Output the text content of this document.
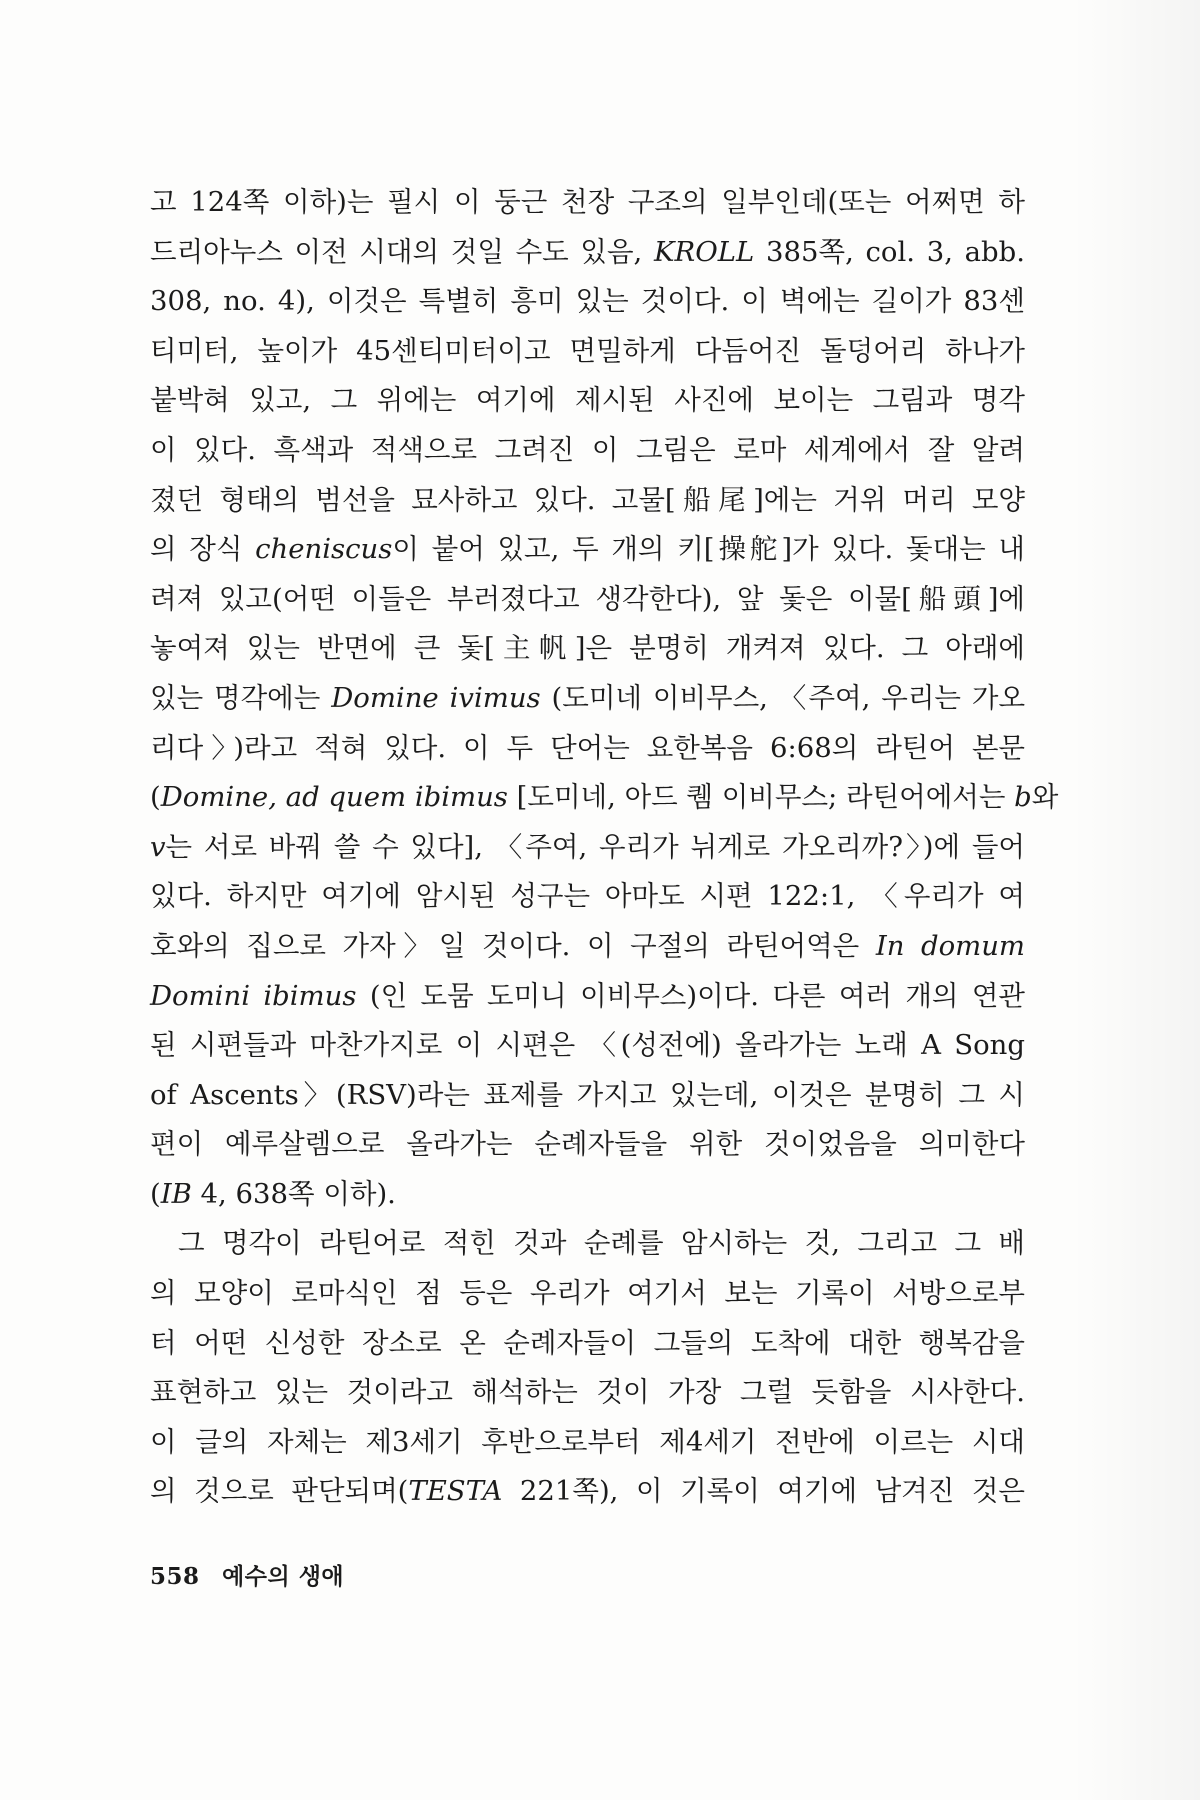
고 124쪽 이하)는 필시 이 둥근 천장 구조의 일부인데(또는 어쩌면 하
드리아누스 이전 시대의 것일 수도 있음, KROLL 385쪽, col. 3, abb.
308, no. 4), 이것은 특별히 흥미 있는 것이다. 이 벽에는 길이가 83센
티미터, 높이가 45센티미터이고 면밀하게 다듬어진 돌덩어리 하나가
붙박혀 있고, 그 위에는 여기에 제시된 사진에 보이는 그림과 명각
이 있다. 흑색과 적색으로 그려진 이 그림은 로마 세계에서 잘 알려
졌던 형태의 범선을 묘사하고 있다. 고물[船尾]에는 거위 머리 모양
의 장식 cheniscus이 붙어 있고, 두 개의 키[操舵]가 있다. 돛대는 내
려져 있고(어떤 이들은 부러졌다고 생각한다), 앞 돛은 이물[船頭]에
놓여져 있는 반면에 큰 돛[主帆]은 분명히 개켜져 있다. 그 아래에
있는 명각에는 Domine ivimus (도미네 이비무스, 〈주여, 우리는 가오
리다〉)라고 적혀 있다. 이 두 단어는 요한복음 6:68의 라틴어 본문
(Domine, ad quem ibimus [도미네, 아드 퀨 이비무스; 라틴어에서는 b와
v는 서로 바꿔 쓸 수 있다], 〈주여, 우리가 뉘게로 가오리까?〉)에 들어
있다. 하지만 여기에 암시된 성구는 아마도 시편 122:1, 〈우리가 여
호와의 집으로 가자〉일 것이다. 이 구절의 라틴어역은 In domum
Domini ibimus (인 도뭄 도미니 이비무스)이다. 다른 여러 개의 연관
된 시편들과 마찬가지로 이 시편은 〈(성전에) 올라가는 노래 A Song
of Ascents〉(RSV)라는 표제를 가지고 있는데, 이것은 분명히 그 시
편이 예루살렘으로 올라가는 순례자들을 위한 것이었음을 의미한다
(IB 4, 638쪽 이하).
그 명각이 라틴어로 적힌 것과 순례를 암시하는 것, 그리고 그 배
의 모양이 로마식인 점 등은 우리가 여기서 보는 기록이 서방으로부
터 어떤 신성한 장소로 온 순례자들이 그들의 도착에 대한 행복감을
표현하고 있는 것이라고 해석하는 것이 가장 그럴 듯함을 시사한다.
이 글의 자체는 제3세기 후반으로부터 제4세기 전반에 이르는 시대
의 것으로 판단되며(TESTA 221쪽), 이 기록이 여기에 남겨진 것은
558 예수의 생애
